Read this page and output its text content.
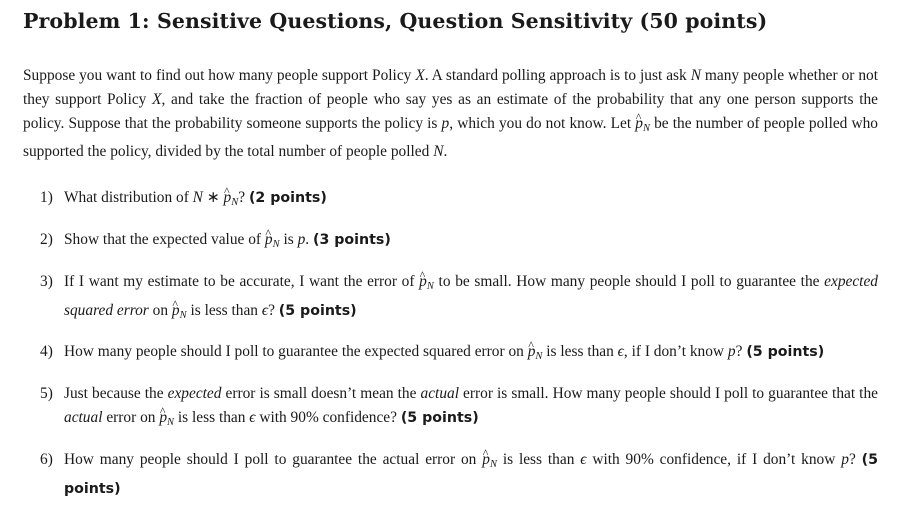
Problem 1: Sensitive Questions, Question Sensitivity (50 points)

Suppose you want to find out how many people support Policy X. A standard polling approach is to just ask N many people whether or not they support Policy X, and take the fraction of people who say yes as an estimate of the probability that any one person supports the policy. Suppose that the probability someone supports the policy is p, which you do not know. Let ^ $p_N$ be the number of people polled who supported the policy, divided by the total number of people polled N.

1) What distribution of N ∗ ^ $p_N$? (2 points)
2) Show that the expected value of ^ $p_N$ is p. (3 points)
3) If I want my estimate to be accurate, I want the error of ^ $p_N$ to be small. How many people should I poll to guarantee the expected squared error on ^ $p_N$ is less than ϵ? (5 points)
4) How many people should I poll to guarantee the expected squared error on ^ $p_N$ is less than ϵ, if I don’t know p? (5 points)
5) Just because the expected error is small doesn’t mean the actual error is small. How many people should I poll to guarantee that the actual error on ^ $p_N$ is less than ϵ with 90% confidence? (5 points)
6) How many people should I poll to guarantee the actual error on ^ $p_N$ is less than ϵ with 90% confidence, if I don’t know p? (5 points)
